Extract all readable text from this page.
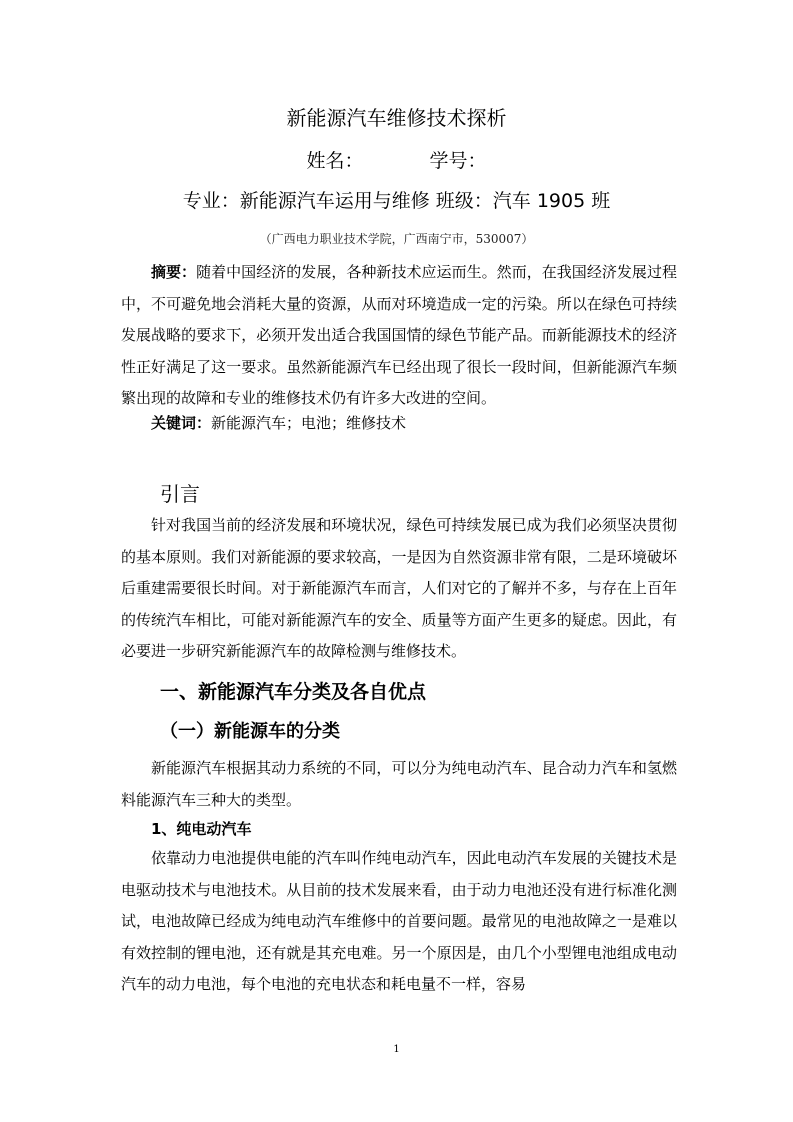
新能源汽车维修技术探析
姓名：	学号：
专业：新能源汽车运用与维修 班级：汽车 1905 班
（广西电力职业技术学院，广西南宁市，530007）

摘要：随着中国经济的发展，各种新技术应运而生。然而，在我国经济发展过程中，不可避免地会消耗大量的资源，从而对环境造成一定的污染。所以在绿色可持续发展战略的要求下，必须开发出适合我国国情的绿色节能产品。而新能源技术的经济性正好满足了这一要求。虽然新能源汽车已经出现了很长一段时间，但新能源汽车频繁出现的故障和专业的维修技术仍有许多大改进的空间。

关键词：新能源汽车；电池；维修技术

引言

针对我国当前的经济发展和环境状况，绿色可持续发展已成为我们必须坚决贯彻的基本原则。我们对新能源的要求较高，一是因为自然资源非常有限，二是环境破坏后重建需要很长时间。对于新能源汽车而言，人们对它的了解并不多，与存在上百年的传统汽车相比，可能对新能源汽车的安全、质量等方面产生更多的疑虑。因此，有必要进一步研究新能源汽车的故障检测与维修技术。

一、新能源汽车分类及各自优点
（一）新能源车的分类

新能源汽车根据其动力系统的不同，可以分为纯电动汽车、昆合动力汽车和氢燃料能源汽车三种大的类型。

1、纯电动汽车

依靠动力电池提供电能的汽车叫作纯电动汽车，因此电动汽车发展的关键技术是电驱动技术与电池技术。从目前的技术发展来看，由于动力电池还没有进行标准化测试，电池故障已经成为纯电动汽车维修中的首要问题。最常见的电池故障之一是难以有效控制的锂电池，还有就是其充电难。另一个原因是，由几个小型锂电池组成电动汽车的动力电池，每个电池的充电状态和耗电量不一样，容易

1
